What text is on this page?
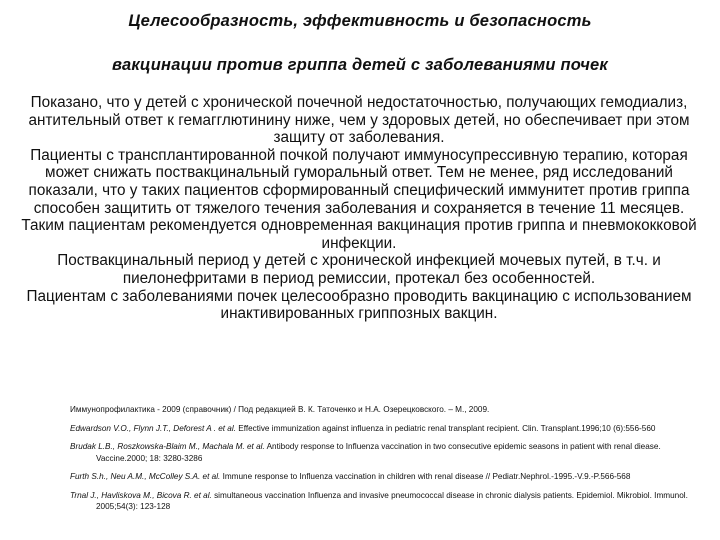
Целесообразность, эффективность и безопасность
вакцинации против гриппа детей с заболеваниями почек

Показано, что у детей с хронической почечной недостаточностью, получающих гемодиализ, антительный ответ к гемагглютинину ниже, чем у здоровых детей, но обеспечивает при этом защиту от заболевания.

Пациенты с трансплантированной почкой получают иммуносупрессивную терапию, которая может снижать поствакцинальный гуморальный ответ. Тем не менее, ряд исследований показали, что у таких пациентов сформированный специфический иммунитет против гриппа способен защитить от тяжелого течения заболевания и сохраняется в течение 11 месяцев.

Таким пациентам рекомендуется одновременная вакцинация против гриппа и пневмококковой инфекции.

Поствакцинальный период у детей с хронической инфекцией мочевых путей, в т.ч. и пиелонефритами в период ремиссии, протекал без особенностей.

Пациентам с заболеваниями почек целесообразно проводить вакцинацию с использованием инактивированных гриппозных вакцин.

Иммунопрофилактика - 2009 (справочник) / Под редакцией В. К. Таточенко и Н.А. Озерецковского. – М., 2009.

Edwardson V.O., Flynn J.T., Deforest A . et al. Effective immunization against influenza in pediatric renal transplant recipient. Clin. Transplant.1996;10 (6):556-560

Brudak L.B., Roszkowska-Blaim M., Machala M. et al. Antibody response to Influenza vaccination in two consecutive epidemic seasons in patient with renal diease. Vaccine.2000; 18: 3280-3286

Furth S.h., Neu A.M., McColley S.A. et al. Immune response to Influenza vaccination in children with renal disease // Pediatr.Nephrol.-1995.-V.9.-P.566-568

Trnal J., Havliskova M., Bicova R. et al. simultaneous vaccination Influenza and invasive pneumococcal disease in chronic dialysis patients. Epidemiol. Mikrobiol. Immunol. 2005;54(3): 123-128
